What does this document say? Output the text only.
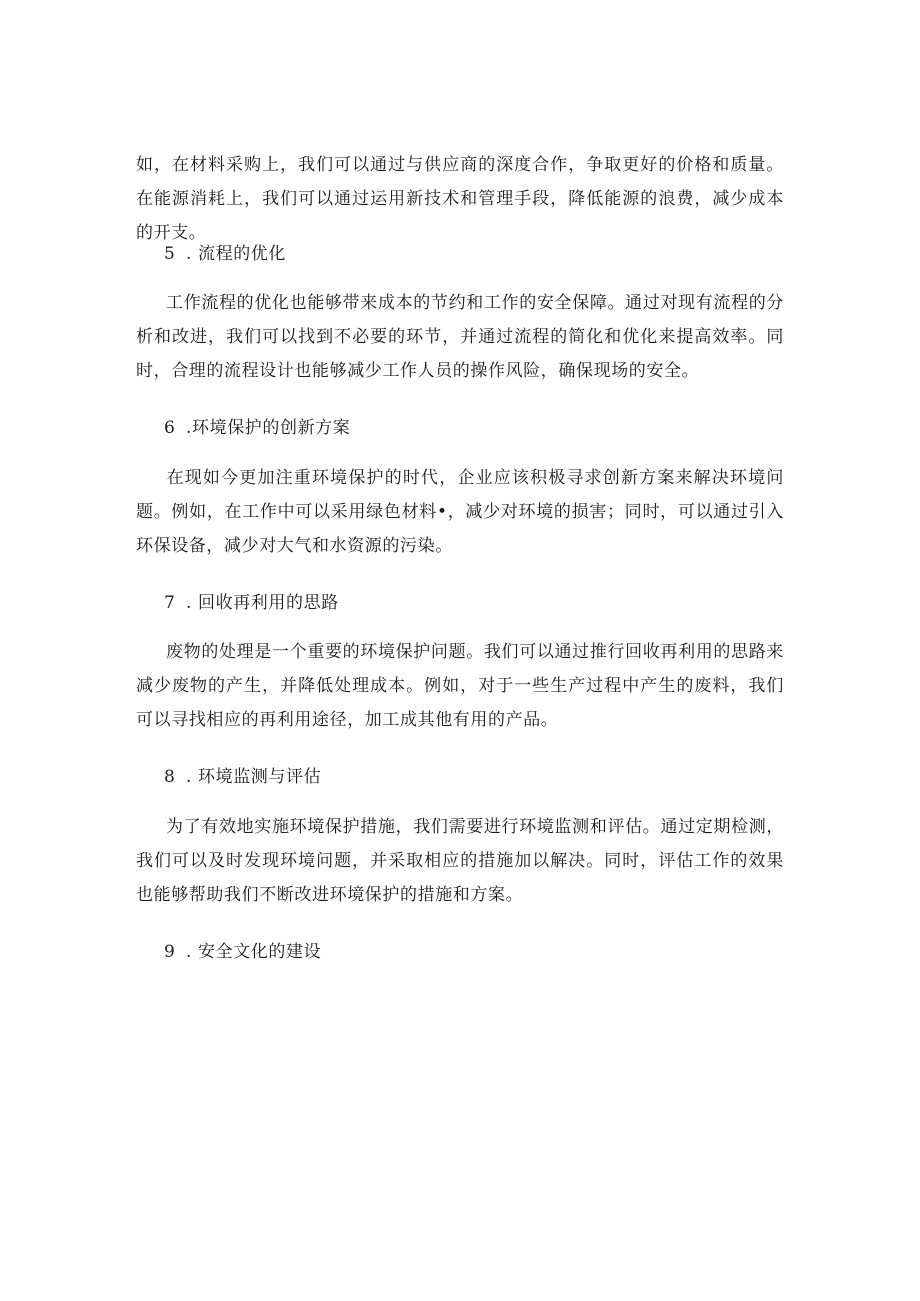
如，在材料采购上，我们可以通过与供应商的深度合作，争取更好的价格和质量。在能源消耗上，我们可以通过运用新技术和管理手段，降低能源的浪费，减少成本的开支。

5 . 流程的优化

工作流程的优化也能够带来成本的节约和工作的安全保障。通过对现有流程的分析和改进，我们可以找到不必要的环节，并通过流程的简化和优化来提高效率。同时，合理的流程设计也能够减少工作人员的操作风险，确保现场的安全。

6 .环境保护的创新方案

在现如今更加注重环境保护的时代，企业应该积极寻求创新方案来解决环境问题。例如，在工作中可以采用绿色材料•，减少对环境的损害；同时，可以通过引入环保设备，减少对大气和水资源的污染。

7 . 回收再利用的思路

废物的处理是一个重要的环境保护问题。我们可以通过推行回收再利用的思路来减少废物的产生，并降低处理成本。例如，对于一些生产过程中产生的废料，我们可以寻找相应的再利用途径，加工成其他有用的产品。

8 . 环境监测与评估

为了有效地实施环境保护措施，我们需要进行环境监测和评估。通过定期检测，我们可以及时发现环境问题，并采取相应的措施加以解决。同时，评估工作的效果也能够帮助我们不断改进环境保护的措施和方案。

9 . 安全文化的建设
